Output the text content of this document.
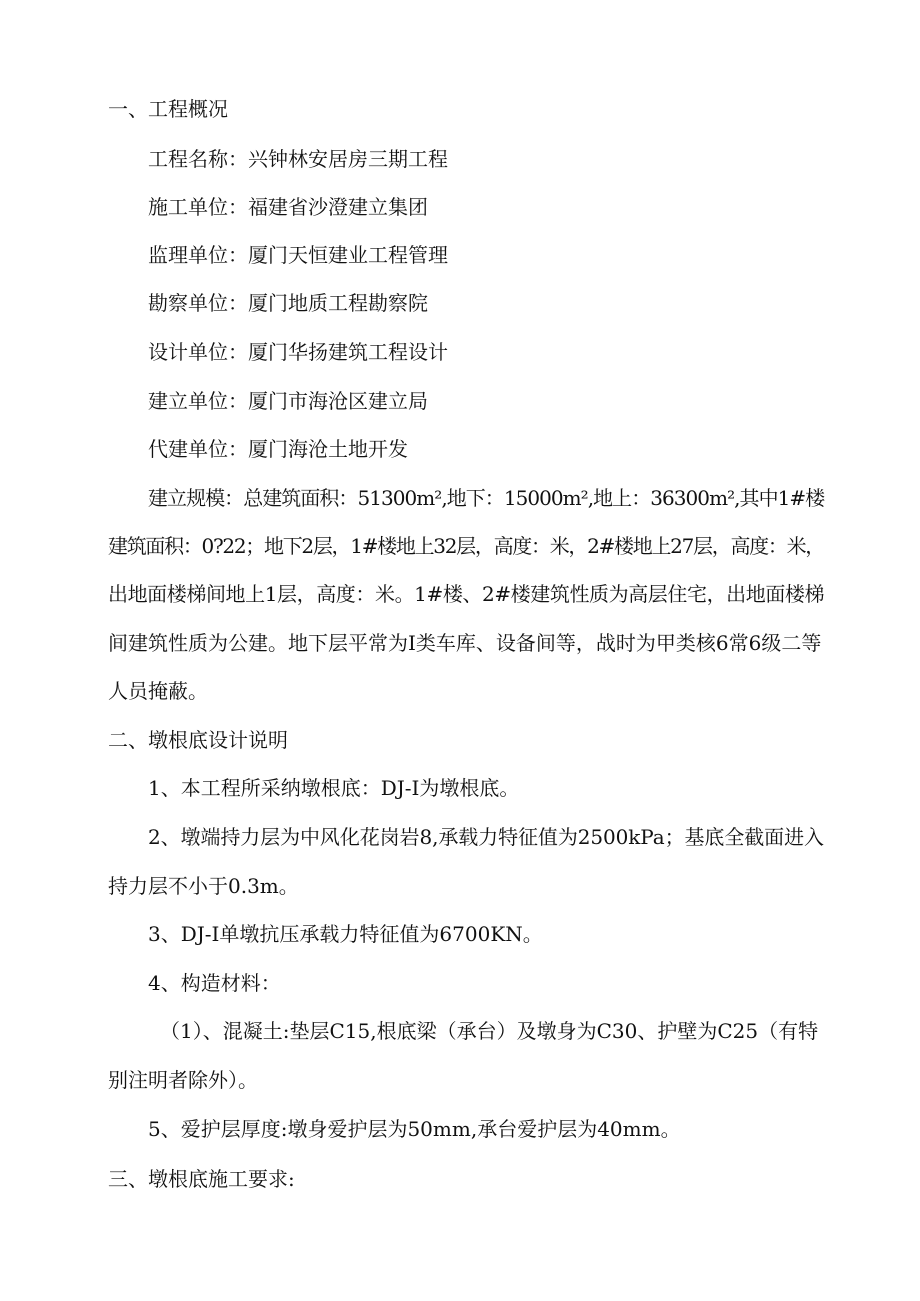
一、工程概况
工程名称：兴钟林安居房三期工程
施工单位：福建省沙澄建立集团
监理单位：厦门天恒建业工程管理
勘察单位：厦门地质工程勘察院
设计单位：厦门华扬建筑工程设计
建立单位：厦门市海沧区建立局
代建单位：厦门海沧土地开发
建立规模：总建筑面积：51300m²,地下：15000m²,地上：36300m²,其中1#楼
建筑面积：0?22；地下2层，1#楼地上32层，高度：米，2#楼地上27层，高度：米，
出地面楼梯间地上1层，高度：米。1#楼、2#楼建筑性质为高层住宅，出地面楼梯
间建筑性质为公建。地下层平常为I类车库、设备间等，战时为甲类核6常6级二等
人员掩蔽。
二、墩根底设计说明
1、本工程所采纳墩根底：DJ-I为墩根底。
2、墩端持力层为中风化花岗岩8,承载力特征值为2500kPa；基底全截面进入
持力层不小于0.3m。
3、DJ-I单墩抗压承载力特征值为6700KN。
4、构造材料：
（1）、混凝土:垫层C15,根底梁（承台）及墩身为C30、护壁为C25（有特
别注明者除外）。
5、爱护层厚度:墩身爱护层为50mm,承台爱护层为40mm。
三、墩根底施工要求:
